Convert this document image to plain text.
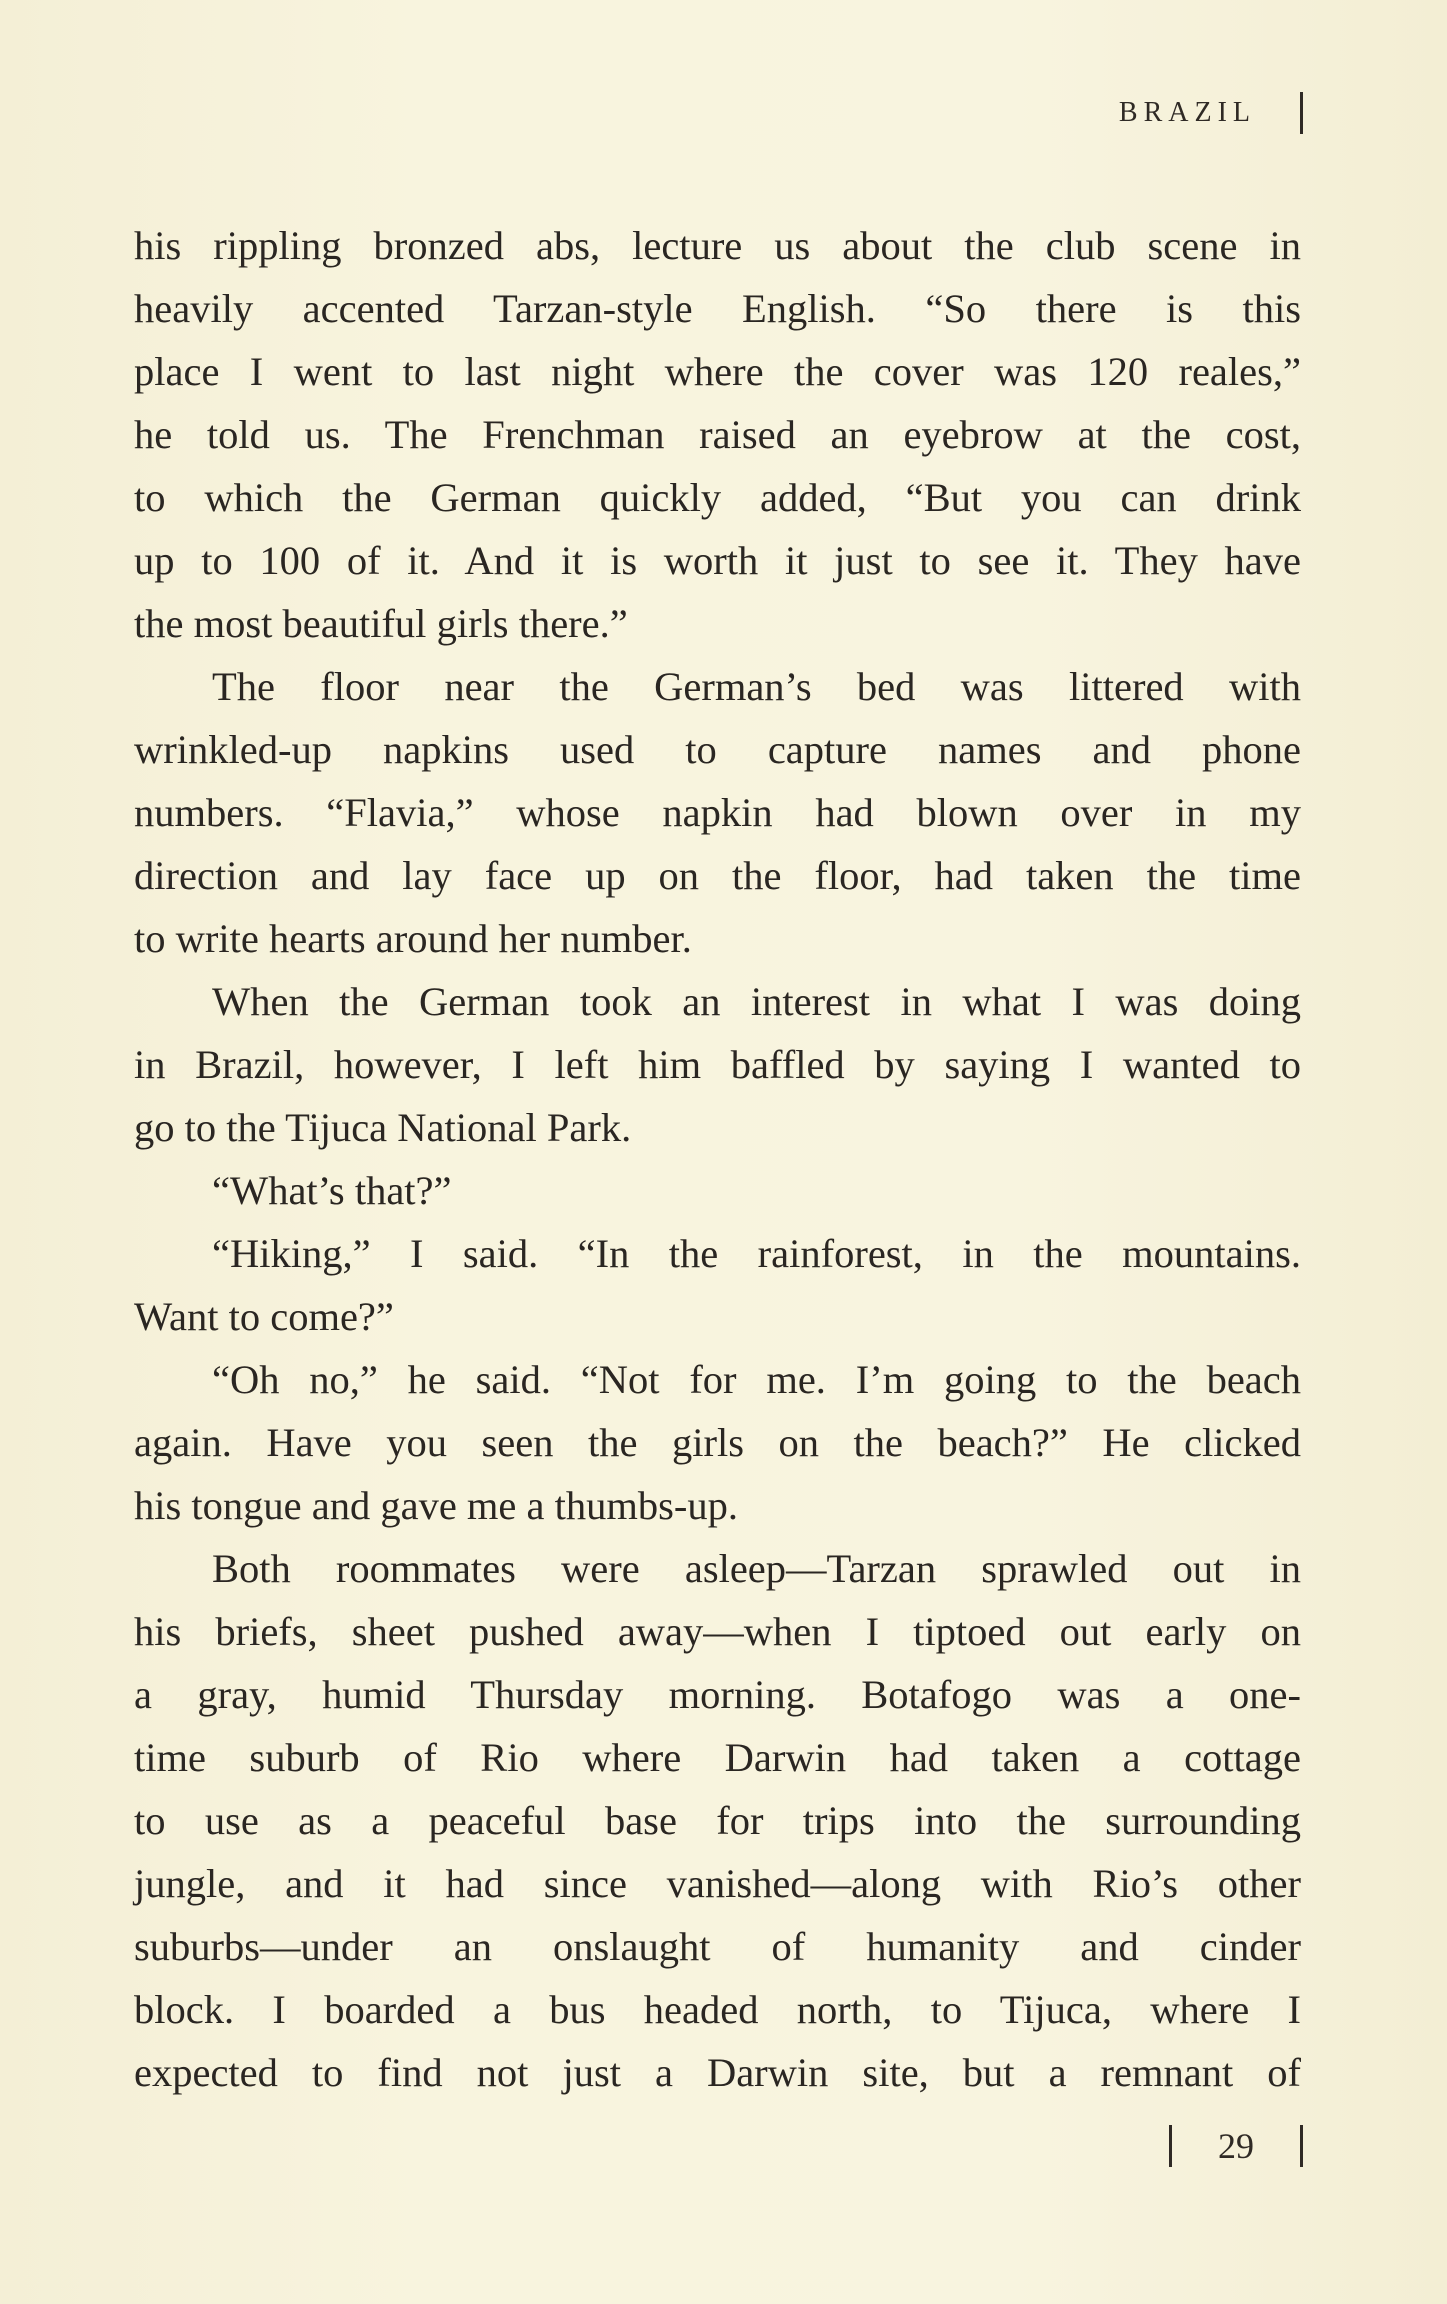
BRAZIL
his rippling bronzed abs, lecture us about the club scene in
heavily accented Tarzan-style English. “So there is this
place I went to last night where the cover was 120 reales,”
he told us. The Frenchman raised an eyebrow at the cost,
to which the German quickly added, “But you can drink
up to 100 of it. And it is worth it just to see it. They have
the most beautiful girls there.”
The floor near the German’s bed was littered with
wrinkled-up napkins used to capture names and phone
numbers. “Flavia,” whose napkin had blown over in my
direction and lay face up on the floor, had taken the time
to write hearts around her number.
When the German took an interest in what I was doing
in Brazil, however, I left him baffled by saying I wanted to
go to the Tijuca National Park.
“What’s that?”
“Hiking,” I said. “In the rainforest, in the mountains.
Want to come?”
“Oh no,” he said. “Not for me. I’m going to the beach
again. Have you seen the girls on the beach?” He clicked
his tongue and gave me a thumbs-up.
Both roommates were asleep—Tarzan sprawled out in
his briefs, sheet pushed away—when I tiptoed out early on
a gray, humid Thursday morning. Botafogo was a one-
time suburb of Rio where Darwin had taken a cottage
to use as a peaceful base for trips into the surrounding
jungle, and it had since vanished—along with Rio’s other
suburbs—under an onslaught of humanity and cinder
block. I boarded a bus headed north, to Tijuca, where I
expected to find not just a Darwin site, but a remnant of
29
